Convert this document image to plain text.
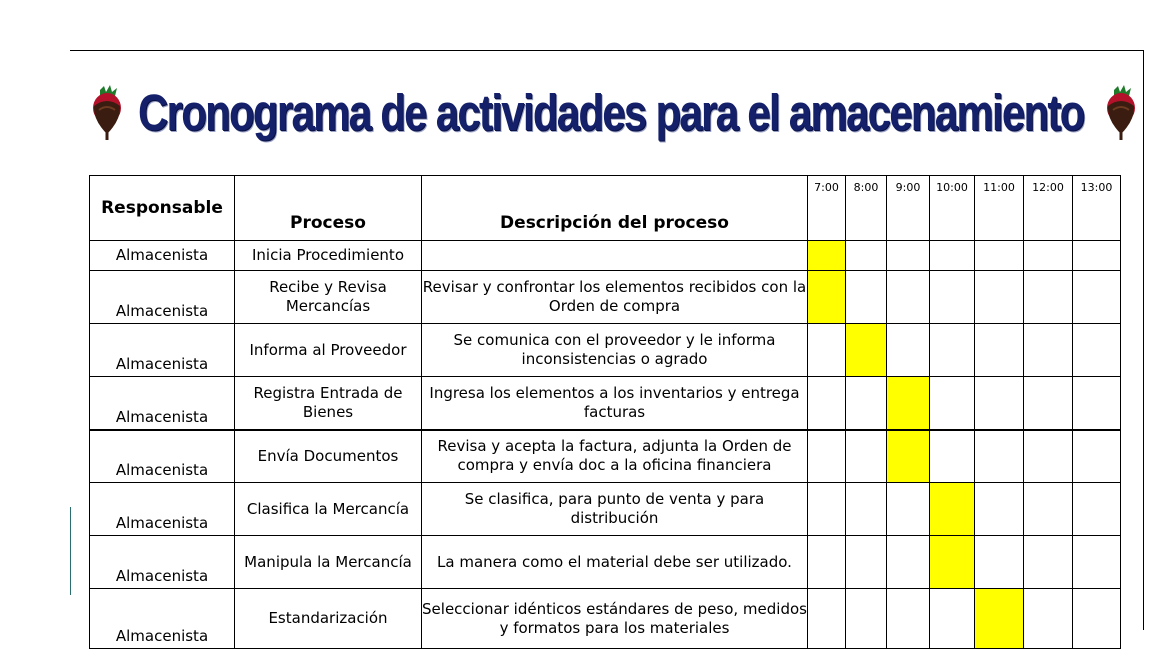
Cronograma de actividades para el amacenamiento
Responsable	Proceso	Descripción del proceso	7:00	8:00	9:00	10:00	11:00	12:00	13:00
Almacenista	Inicia Procedimiento								
Almacenista	Recibe y Revisa Mercancías	Revisar y confrontar los elementos recibidos con la Orden de compra							
Almacenista	Informa al Proveedor	Se comunica con el proveedor y le informa inconsistencias o agrado							
Almacenista	Registra Entrada de Bienes	Ingresa los elementos a los inventarios y entrega facturas							
Almacenista	Envía Documentos	Revisa y acepta la factura, adjunta la Orden de compra y envía doc a la oficina financiera							
Almacenista	Clasifica la Mercancía	Se clasifica, para punto de venta y para distribución							
Almacenista	Manipula la Mercancía	La manera como el material debe ser utilizado.							
Almacenista	Estandarización	Seleccionar idénticos estándares de peso, medidos y formatos para los materiales							
